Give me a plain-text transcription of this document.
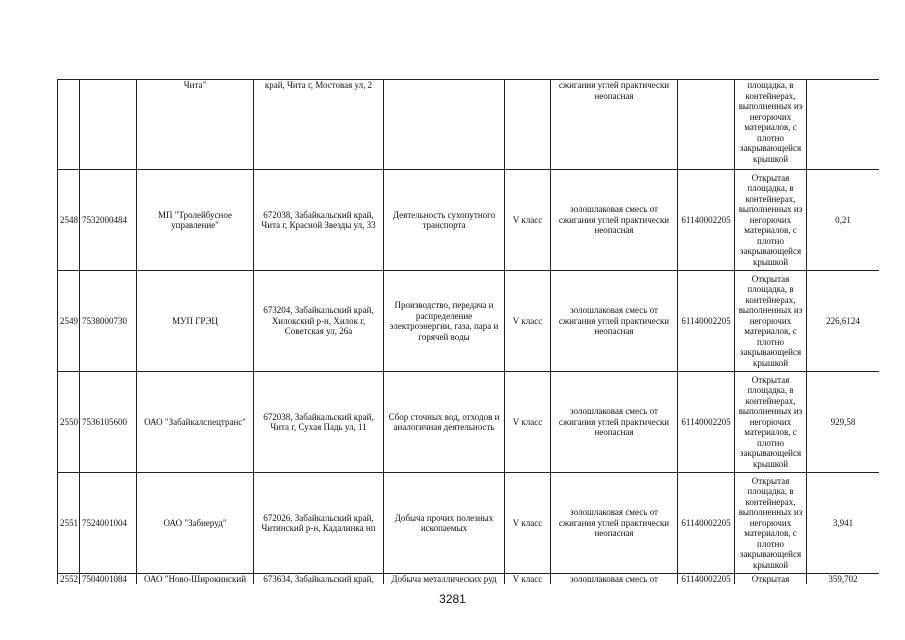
		Чита"	край, Чита г, Мостовая ул, 2			сжигания углей практически неопасная		площадка, в контейнерах, выполненных из негорючих материалов, с плотно закрывающейся крышкой	
2548	7532000484	МП "Тролейбусное управление"	672038, Забайкальский край, Чита г, Красной Звезды ул, 33	Деятельность сухопутного транспорта	V класс	золошлаковая смесь от сжигания углей практически неопасная	61140002205	Открытая площадка, в контейнерах, выполненных из негорючих материалов, с плотно закрывающейся крышкой	0,21
2549	7538000730	МУП ГРЭЦ	673204, Забайкальский край, Хилокский р-н, Хилок г, Советская ул, 26а	Производство, передача и распределение электроэнергии, газа, пара и горячей воды	V класс	золошлаковая смесь от сжигания углей практически неопасная	61140002205	Открытая площадка, в контейнерах, выполненных из негорючих материалов, с плотно закрывающейся крышкой	226,6124
2550	7536105600	ОАО "Забайкалспецтранс"	672038, Забайкальский край, Чита г, Сухая Падь ул, 11	Сбор сточных вод, отходов и аналогичная деятельность	V класс	золошлаковая смесь от сжигания углей практически неопасная	61140002205	Открытая площадка, в контейнерах, выполненных из негорючих материалов, с плотно закрывающейся крышкой	929,58
2551	7524001004	ОАО "Забнеруд"	672026, Забайкальский край, Читинский р-н, Кадалинка нп	Добыча прочих полезных ископаемых	V класс	золошлаковая смесь от сжигания углей практически неопасная	61140002205	Открытая площадка, в контейнерах, выполненных из негорючих материалов, с плотно закрывающейся крышкой	3,941
2552	7504001084	ОАО "Ново-Широкинский	673634, Забайкальский край,	Добыча металлических руд	V класс	золошлаковая смесь от	61140002205	Открытая	359,702
3281
